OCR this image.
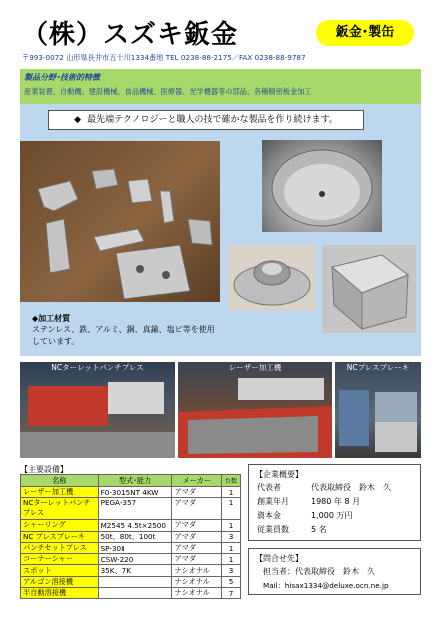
（株）スズキ鈑金	鈑金･製缶
〒993-0072 山形県長井市五十川1334番地 TEL 0238-88-2175／FAX 0238-88-9787
製品分野･技術的特徴
産業装置、自動機、建設機械、食品機械、医療器、光学機器等の部品、各種精密板金加工
◆ 最先端テクノロジーと職人の技で確かな製品を作り続けます。
◆加工材質
ステンレス、鉄、アルミ、銅、真鍮、塩ビ等を使用しています。
NCターレットパンチプレス	レーザー加工機	NCプレスブレーキ
【主要設備】
名称	型式･能力	メーカー	台数
レーザー加工機	F0-3015NT 4KW	アマダ	1
NCターレットパンチ
プレス	PEGA-357	アマダ	1
シャーリング	M2545 4.5t×2500	アマダ	1
NC プレスブレーキ	50t、80t、100t	アマダ	3
パンチセットプレス	SP-30Ⅱ	アマダ	1
コーナーシャー	CSW-220	アマダ	1
スポット	35K、7K	ナシオナル	3
アルゴン溶接機		ナシオナル	5
半自動溶接機		ナシオナル	7
【企業概要】
代表者	代表取締役　鈴木　久
創業年月	1980 年 8 月
資本金	1,000 万円
従業員数	5 名
【問合せ先】
担当者：代表取締役　鈴木　久
Mail：hisax1334@deluxe.ocn.ne.jp
